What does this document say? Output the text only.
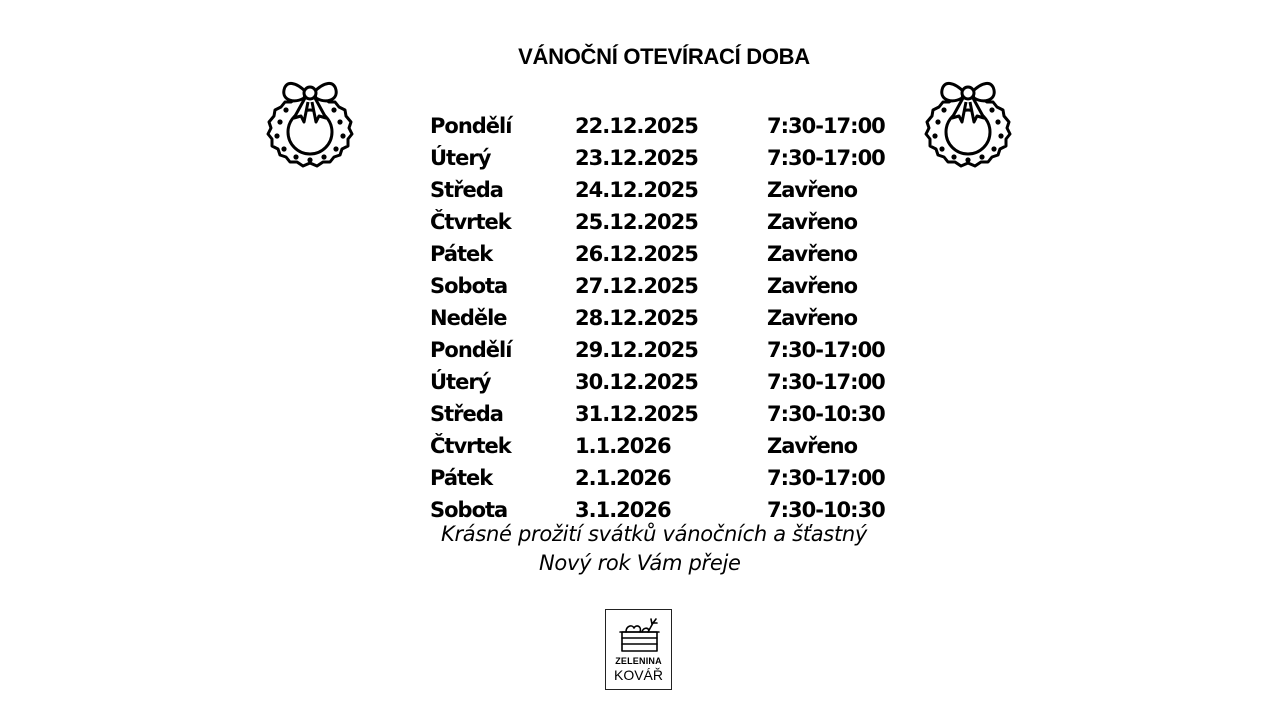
VÁNOČNÍ OTEVÍRACÍ DOBA
Pondělí	22.12.2025	7:30-17:00
Úterý	23.12.2025	7:30-17:00
Středa	24.12.2025	Zavřeno
Čtvrtek	25.12.2025	Zavřeno
Pátek	26.12.2025	Zavřeno
Sobota	27.12.2025	Zavřeno
Neděle	28.12.2025	Zavřeno
Pondělí	29.12.2025	7:30-17:00
Úterý	30.12.2025	7:30-17:00
Středa	31.12.2025	7:30-10:30
Čtvrtek	1.1.2026	Zavřeno
Pátek	2.1.2026	7:30-17:00
Sobota	3.1.2026	7:30-10:30
Krásné prožití svátků vánočních a šťastný
Nový rok Vám přeje
ZELENINA
KOVÁŘ
